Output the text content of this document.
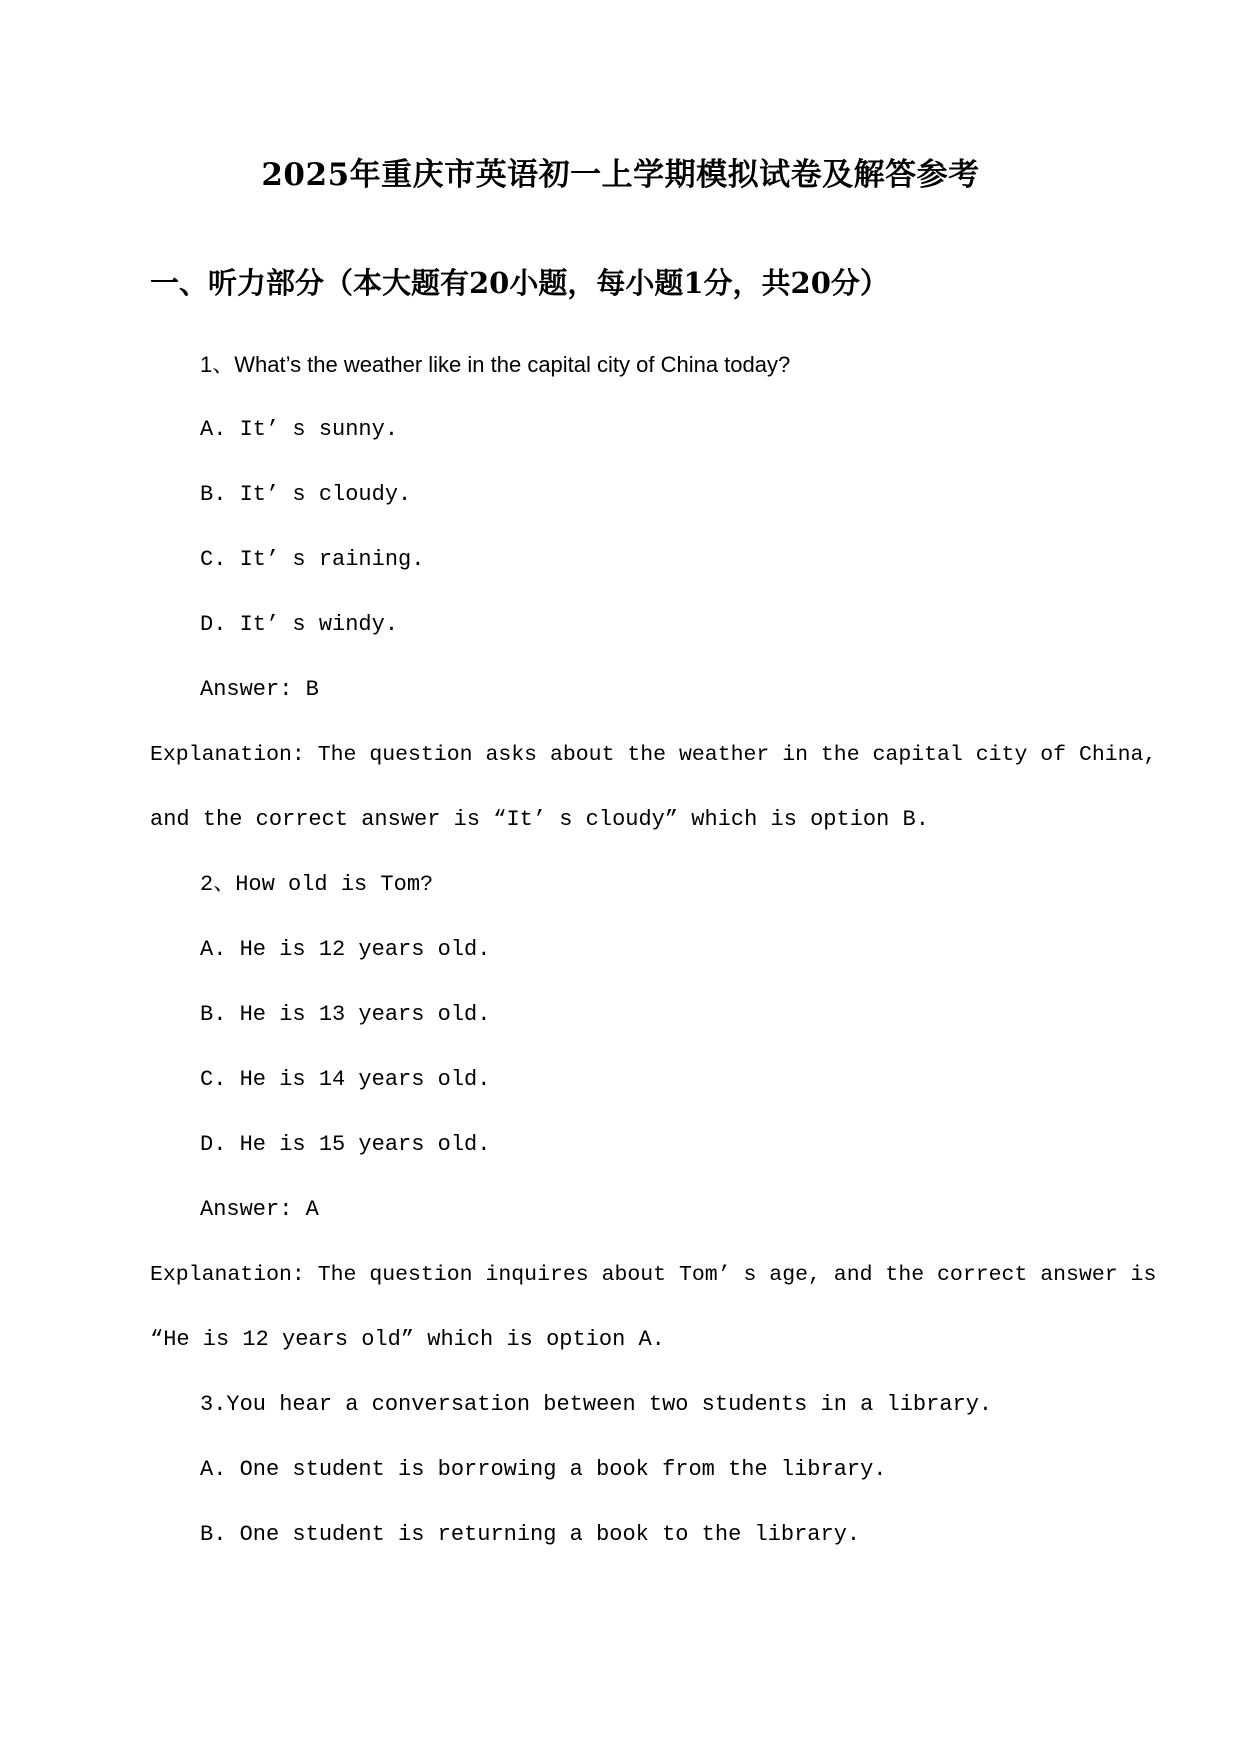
2025年重庆市英语初一上学期模拟试卷及解答参考
一、听力部分（本大题有20小题，每小题1分，共20分）
1、What’s the weather like in the capital city of China today?
A. It’ s sunny.
B. It’ s cloudy.
C. It’ s raining.
D. It’ s windy.
Answer: B
Explanation: The question asks about the weather in the capital city of China,
and the correct answer is “It’ s cloudy” which is option B.
2、How old is Tom?
A. He is 12 years old.
B. He is 13 years old.
C. He is 14 years old.
D. He is 15 years old.
Answer: A
Explanation: The question inquires about Tom’ s age, and the correct answer is
“He is 12 years old” which is option A.
3.You hear a conversation between two students in a library.
A. One student is borrowing a book from the library.
B. One student is returning a book to the library.
